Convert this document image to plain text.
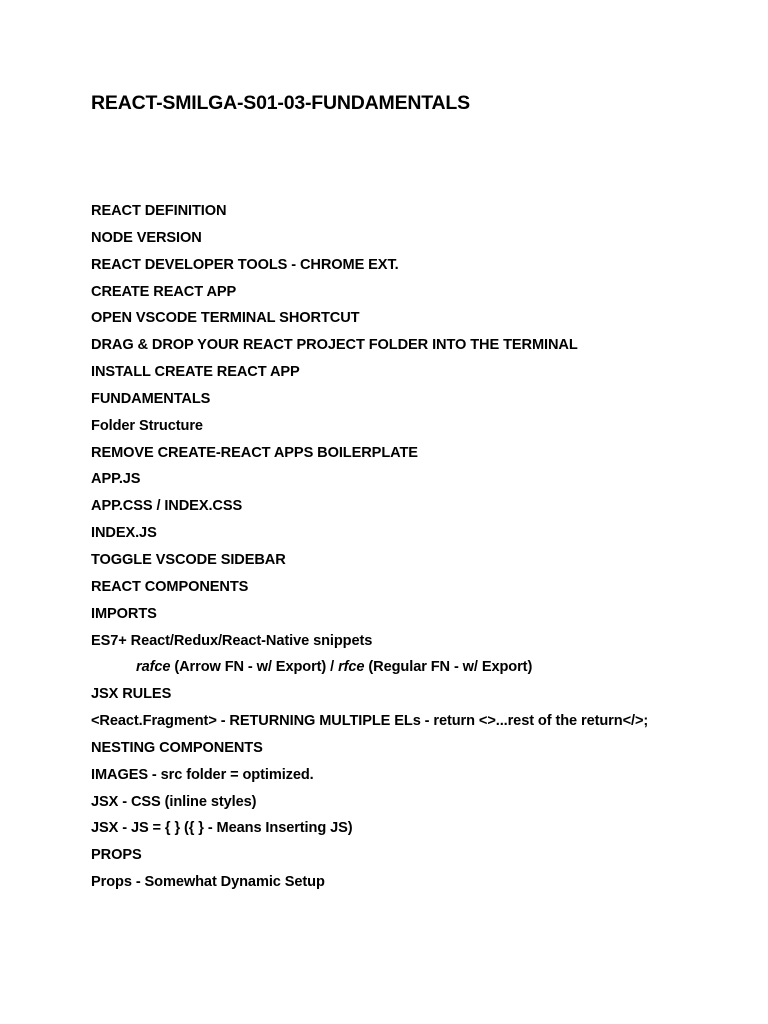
REACT-SMILGA-S01-03-FUNDAMENTALS
REACT DEFINITION
NODE VERSION
REACT DEVELOPER TOOLS - CHROME EXT.
CREATE REACT APP
OPEN VSCODE TERMINAL SHORTCUT
DRAG & DROP YOUR REACT PROJECT FOLDER INTO THE TERMINAL
INSTALL CREATE REACT APP
FUNDAMENTALS
Folder Structure
REMOVE CREATE-REACT APPS BOILERPLATE
APP.JS
APP.CSS / INDEX.CSS
INDEX.JS
TOGGLE VSCODE SIDEBAR
REACT COMPONENTS
IMPORTS
ES7+ React/Redux/React-Native snippets
rafce (Arrow FN - w/ Export) / rfce (Regular FN - w/ Export)
JSX RULES
<React.Fragment> - RETURNING MULTIPLE ELs - return <>...rest of the return</>;
NESTING COMPONENTS
IMAGES - src folder = optimized.
JSX - CSS (inline styles)
JSX - JS = { } ({ } - Means Inserting JS)
PROPS
Props - Somewhat Dynamic Setup
